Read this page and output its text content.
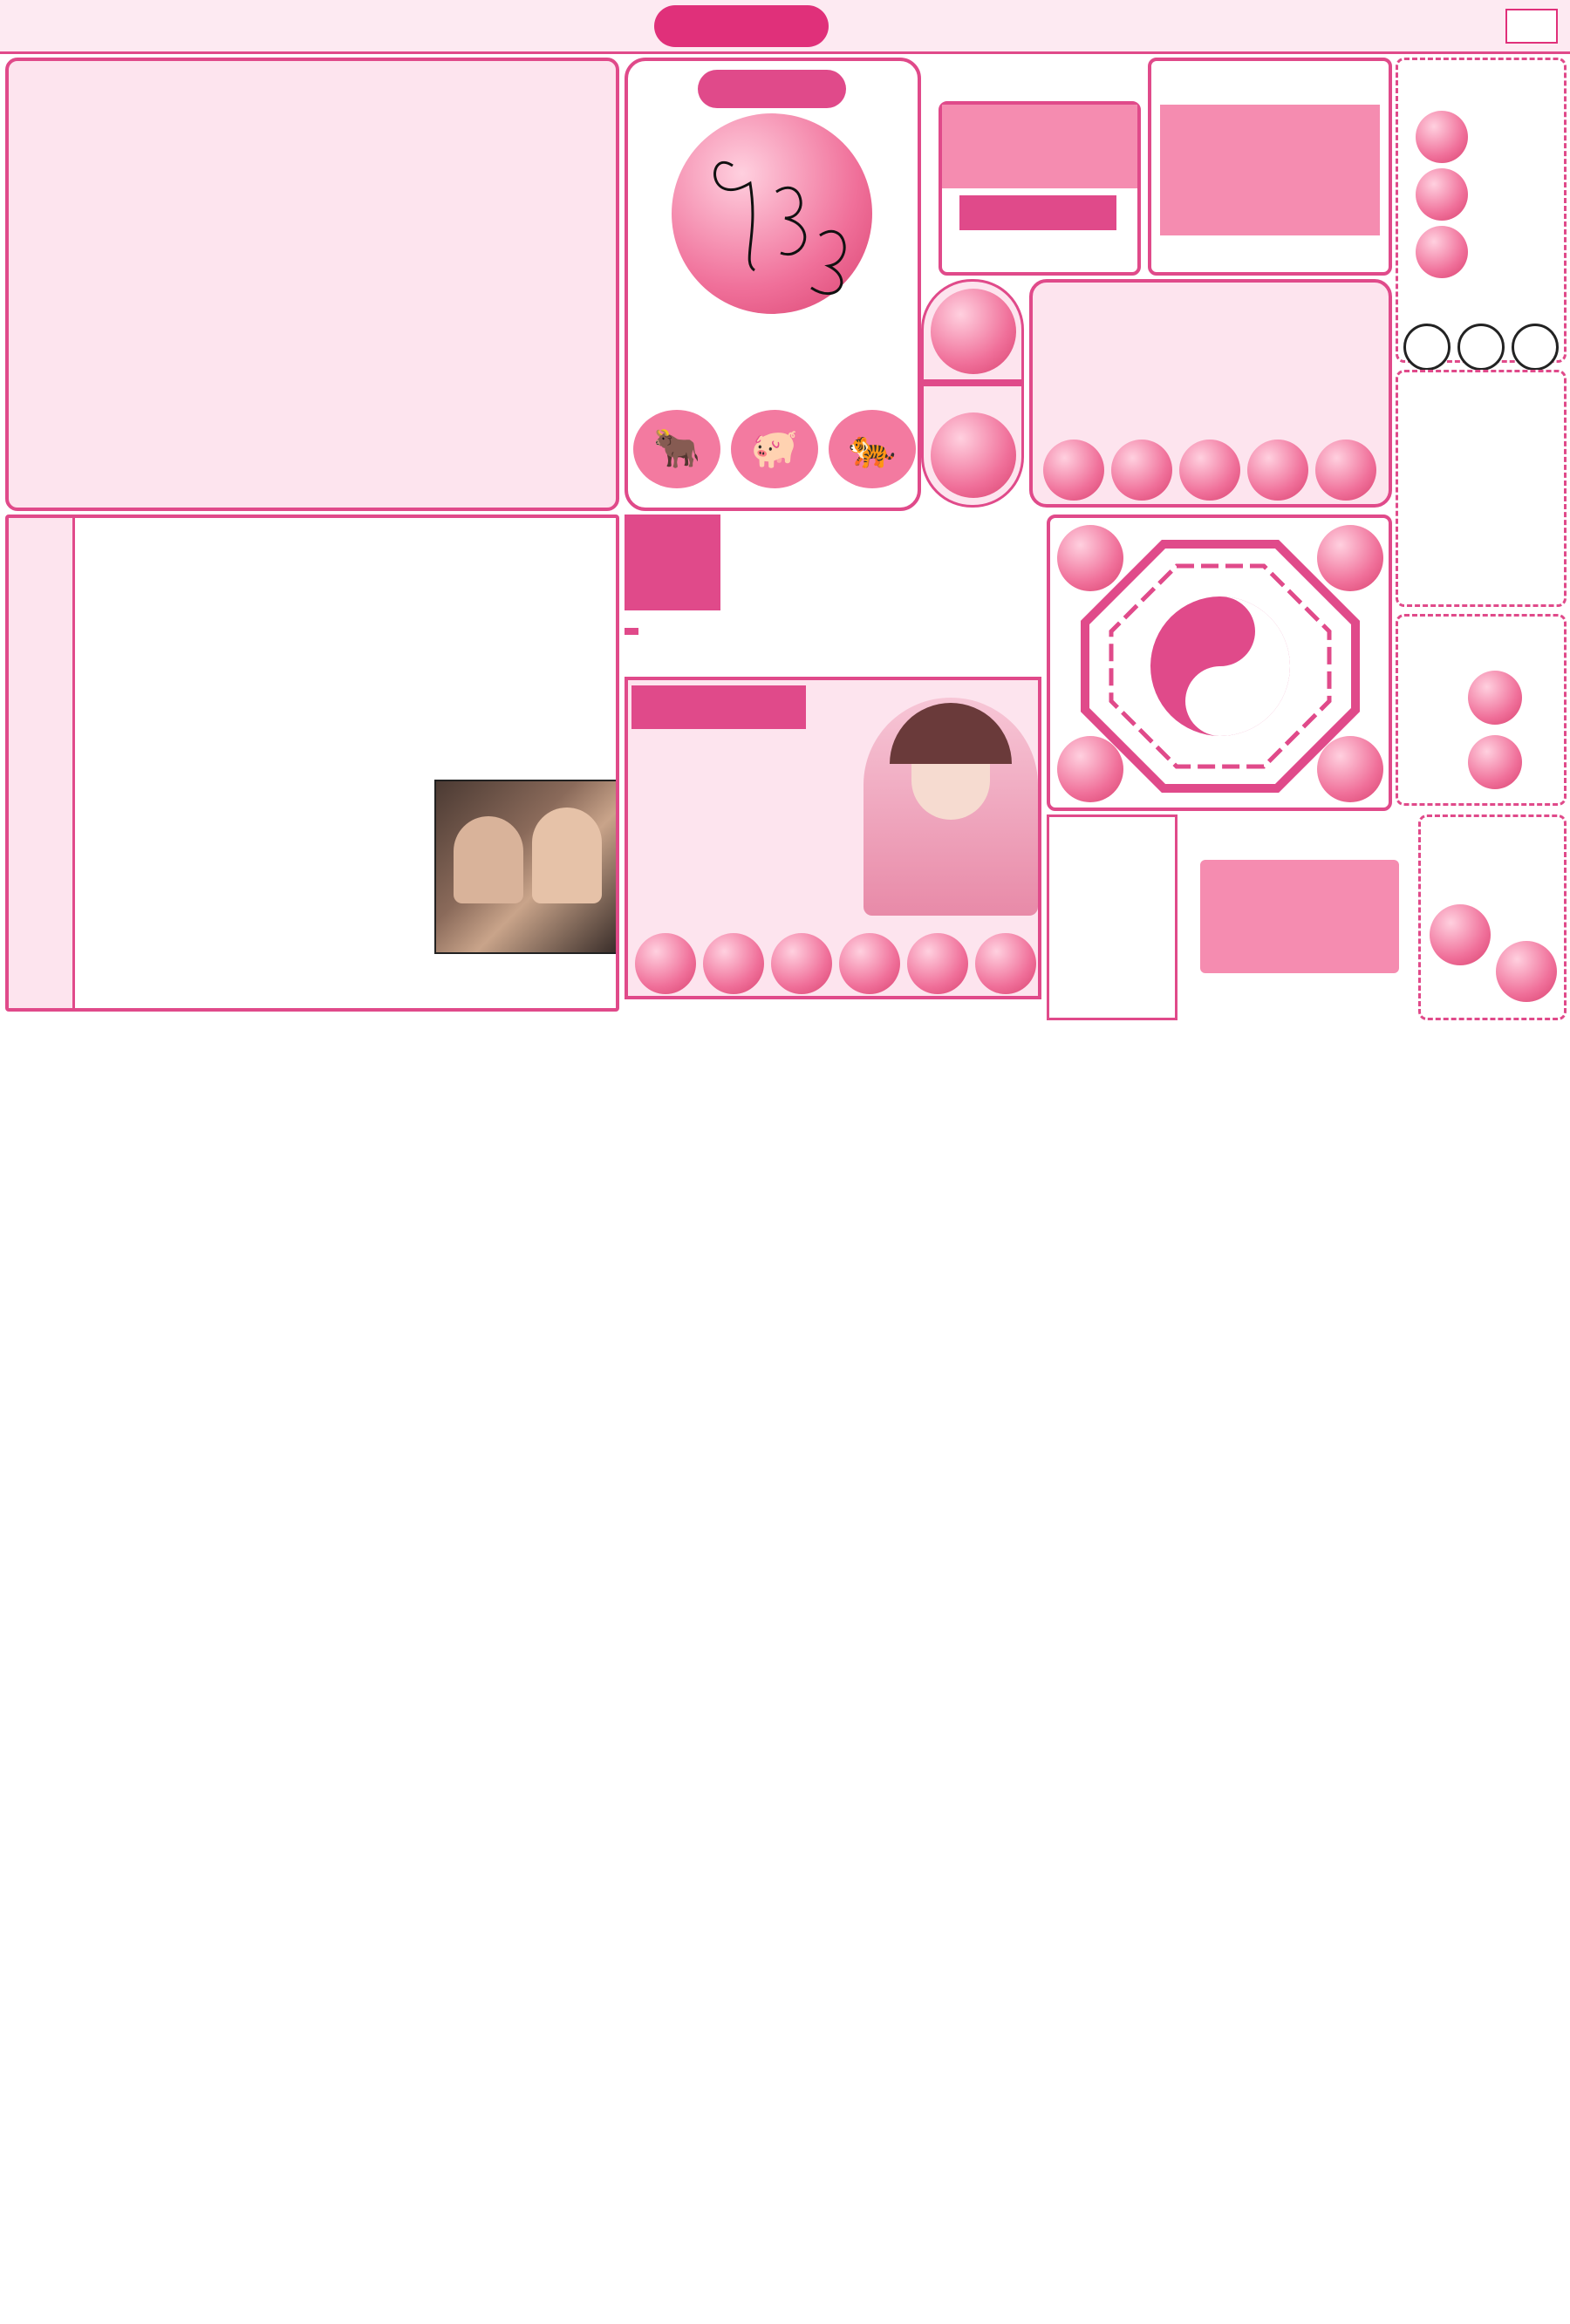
🐂	🐖	🐅
